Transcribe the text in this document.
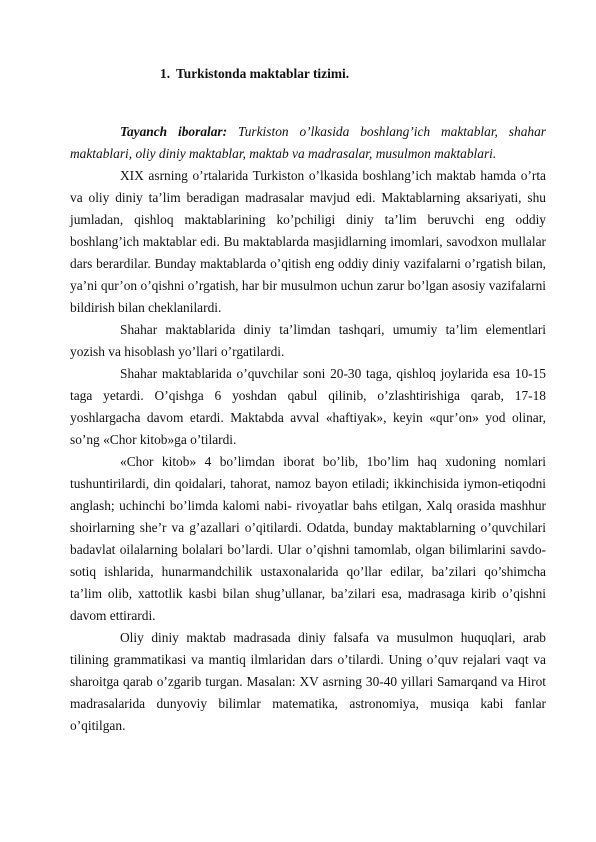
1. Turkistonda maktablar tizimi.

Tayanch iboralar: Turkiston o’lkasida boshlang’ich maktablar, shahar maktablari, oliy diniy maktablar, maktab va madrasalar, musulmon maktablari.

XIX asrning o’rtalarida Turkiston o’lkasida boshlang’ich maktab hamda o’rta va oliy diniy ta’lim beradigan madrasalar mavjud edi. Maktablarning aksariyati, shu jumladan, qishloq maktablarining ko’pchiligi diniy ta’lim beruvchi eng oddiy boshlang’ich maktablar edi. Bu maktablarda masjidlarning imomlari, savodxon mullalar dars berardilar. Bunday maktablarda o’qitish eng oddiy diniy vazifalarni o’rgatish bilan, ya’ni qur’on o’qishni o’rgatish, har bir musulmon uchun zarur bo’lgan asosiy vazifalarni bildirish bilan cheklanilardi.

Shahar maktablarida diniy ta’limdan tashqari, umumiy ta’lim elementlari yozish va hisoblash yo’llari o’rgatilardi.

Shahar maktablarida o’quvchilar soni 20-30 taga, qishloq joylarida esa 10-15 taga yetardi. O’qishga 6 yoshdan qabul qilinib, o’zlashtirishiga qarab, 17-18 yoshlargacha davom etardi. Maktabda avval «haftiyak», keyin «qur’on» yod olinar, so’ng «Chor kitob»ga o’tilardi.

«Chor kitob» 4 bo’limdan iborat bo’lib, 1bo’lim haq xudoning nomlari tushuntirilardi, din qoidalari, tahorat, namoz bayon etiladi; ikkinchisida iymon-etiqodni anglash; uchinchi bo’limda kalomi nabi- rivoyatlar bahs etilgan, Xalq orasida mashhur shoirlarning she’r va g’azallari o’qitilardi. Odatda, bunday maktablarning o’quvchilari badavlat oilalarning bolalari bo’lardi. Ular o’qishni tamomlab, olgan bilimlarini savdo-sotiq ishlarida, hunarmandchilik ustaxonalarida qo’llar edilar, ba’zilari qo’shimcha ta’lim olib, xattotlik kasbi bilan shug’ullanar, ba’zilari esa, madrasaga kirib o’qishni davom ettirardi.

Oliy diniy maktab madrasada diniy falsafa va musulmon huquqlari, arab tilining grammatikasi va mantiq ilmlaridan dars o’tilardi. Uning o’quv rejalari vaqt va sharoitga qarab o’zgarib turgan. Masalan: XV asrning 30-40 yillari Samarqand va Hirot madrasalarida dunyoviy bilimlar matematika, astronomiya, musiqa kabi fanlar o’qitilgan.
